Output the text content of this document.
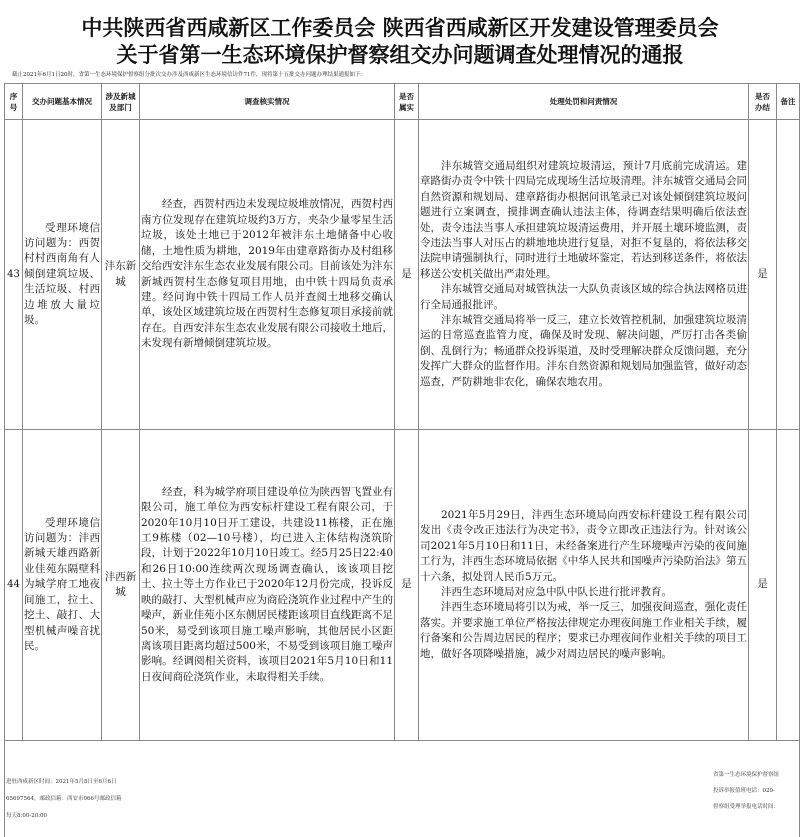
中共陕西省西咸新区工作委员会 陕西省西咸新区开发建设管理委员会
关于省第一生态环境保护督察组交办问题调查处理情况的通报
截止2021年6月1日20时，省第一生态环境保护督察组分批次交办涉及西咸新区生态环境信访件71件，现将第十五批交办问题办理结果通报如下：
序号
交办问题基本情况
涉及新城及部门
调查核实情况
是否属实
处理处罚和问责情况
是否办结
备注
43

受理环境信访问题为：西贺村村西南角有人倾倒建筑垃圾、生活垃圾、村西边堆放大量垃圾。

沣东新城

经查，西贺村西边未发现垃圾堆放情况，西贺村西南方位发现存在建筑垃圾约3万方，夹杂少量零星生活垃圾，该处土地已于2012年被沣东土地储备中心收储，土地性质为耕地，2019年由建章路街办及村组移交给西安沣东生态农业发展有限公司。目前该处为沣东新城西贺村生态修复项目用地，由中铁十四局负责承建。经问询中铁十四局工作人员并查阅土地移交确认单，该处区域建筑垃圾在西贺村生态修复项目承接前就存在。自西安沣东生态农业发展有限公司接收土地后，未发现有新增倾倒建筑垃圾。

是

沣东城管交通局组织对建筑垃圾清运，预计7月底前完成清运。建章路街办责令中铁十四局完成现场生活垃圾清理。沣东城管交通局会同自然资源和规划局、建章路街办根据问讯笔录已对该处倾倒建筑垃圾问题进行立案调查，摸排调查确认违法主体，待调查结果明确后依法查处，责令违法当事人承担建筑垃圾清运费用，并开展土壤环境监测，责令违法当事人对压占的耕地地块进行复垦，对拒不复垦的，将依法移交法院申请强制执行，同时进行土地破坏鉴定，若达到移送条件，将依法移送公安机关做出严肃处理。

沣东城管交通局对城管执法一大队负责该区域的综合执法网格员进行全局通报批评。

沣东城管交通局将举一反三，建立长效管控机制，加强建筑垃圾清运的日常巡查监管力度，确保及时发现、解决问题，严厉打击各类偷倒、乱倒行为；畅通群众投诉渠道，及时受理解决群众反馈问题，充分发挥广大群众的监督作用。沣东自然资源和规划局加强监管，做好动态巡查，严防耕地非农化，确保农地农用。

是
44

受理环境信访问题为：沣西新城天雄西路新业佳苑东隔壁科为城学府工地夜间施工，拉土、挖土、敲打、大型机械声噪音扰民。

沣西新城

经查，科为城学府项目建设单位为陕西智飞置业有限公司，施工单位为西安标杆建设工程有限公司，于2020年10月10日开工建设，共建设11栋楼，正在施工9栋楼（02—10号楼），均已进入主体结构浇筑阶段，计划于2022年10月10日竣工。经5月25日22:40和26日10:00连续两次现场调查确认，该该项目挖土、拉土等土方作业已于2020年12月份完成，投诉反映的敲打、大型机械声应为商砼浇筑作业过程中产生的噪声，新业佳苑小区东侧居民楼距该项目直线距离不足50米，易受到该项目施工噪声影响，其他居民小区距离该项目距离均超过500米，不易受到该项目施工噪声影响。经调阅相关资料，该项目2021年5月10日和11日夜间商砼浇筑作业，未取得相关手续。

是

2021年5月29日，沣西生态环境局向西安标杆建设工程有限公司发出《责令改正违法行为决定书》，责令立即改正违法行为。针对该公司2021年5月10日和11日，未经备案进行产生环境噪声污染的夜间施工行为，沣西生态环境局依据《中华人民共和国噪声污染防治法》第五十六条，拟处罚人民币5万元。

沣西生态环境局对应急中队中队长进行批评教育。

沣西生态环境局将引以为戒，举一反三，加强夜间巡查，强化责任落实。并要求施工单位严格按法律规定办理夜间施工作业相关手续，履行备案和公告周边居民的程序；要求已办理夜间作业相关手续的项目工地，做好各项降噪措施，减少对周边居民的噪声影响。

是
进驻西咸新区时间：2021年5月8日至6月6日
65697564，邮政信箱：西安市066号邮政信箱
每天8:00-20:00
省第一生态环境保护督察组
投诉举报值班电话：029-
督察组受理举报电话时间：
